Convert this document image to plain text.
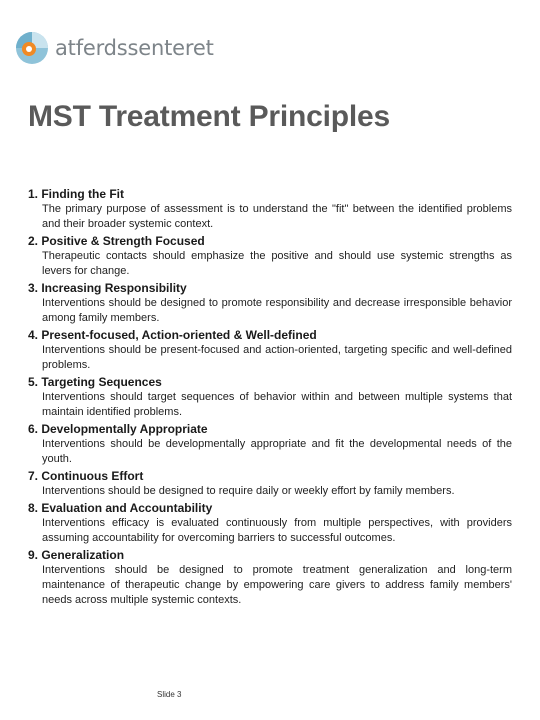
atferdssenteret
MST Treatment Principles
1. Finding the Fit
The primary purpose of assessment is to understand the "fit" between the identified problems and their broader systemic context.
2. Positive & Strength Focused
Therapeutic contacts should emphasize the positive and should use systemic strengths as levers for change.
3. Increasing Responsibility
Interventions should be designed to promote responsibility and decrease irresponsible behavior among family members.
4. Present-focused, Action-oriented & Well-defined
Interventions should be present-focused and action-oriented, targeting specific and well-defined problems.
5. Targeting Sequences
Interventions should target sequences of behavior within and between multiple systems that maintain identified problems.
6. Developmentally Appropriate
Interventions should be developmentally appropriate and fit the developmental needs of the youth.
7. Continuous Effort
Interventions should be designed to require daily or weekly effort by family members.
8. Evaluation and Accountability
Interventions efficacy is evaluated continuously from multiple perspectives, with providers assuming accountability for overcoming barriers to successful outcomes.
9. Generalization
Interventions should be designed to promote treatment generalization and long-term maintenance of therapeutic change by empowering care givers to address family members' needs across multiple systemic contexts.
Slide 3
